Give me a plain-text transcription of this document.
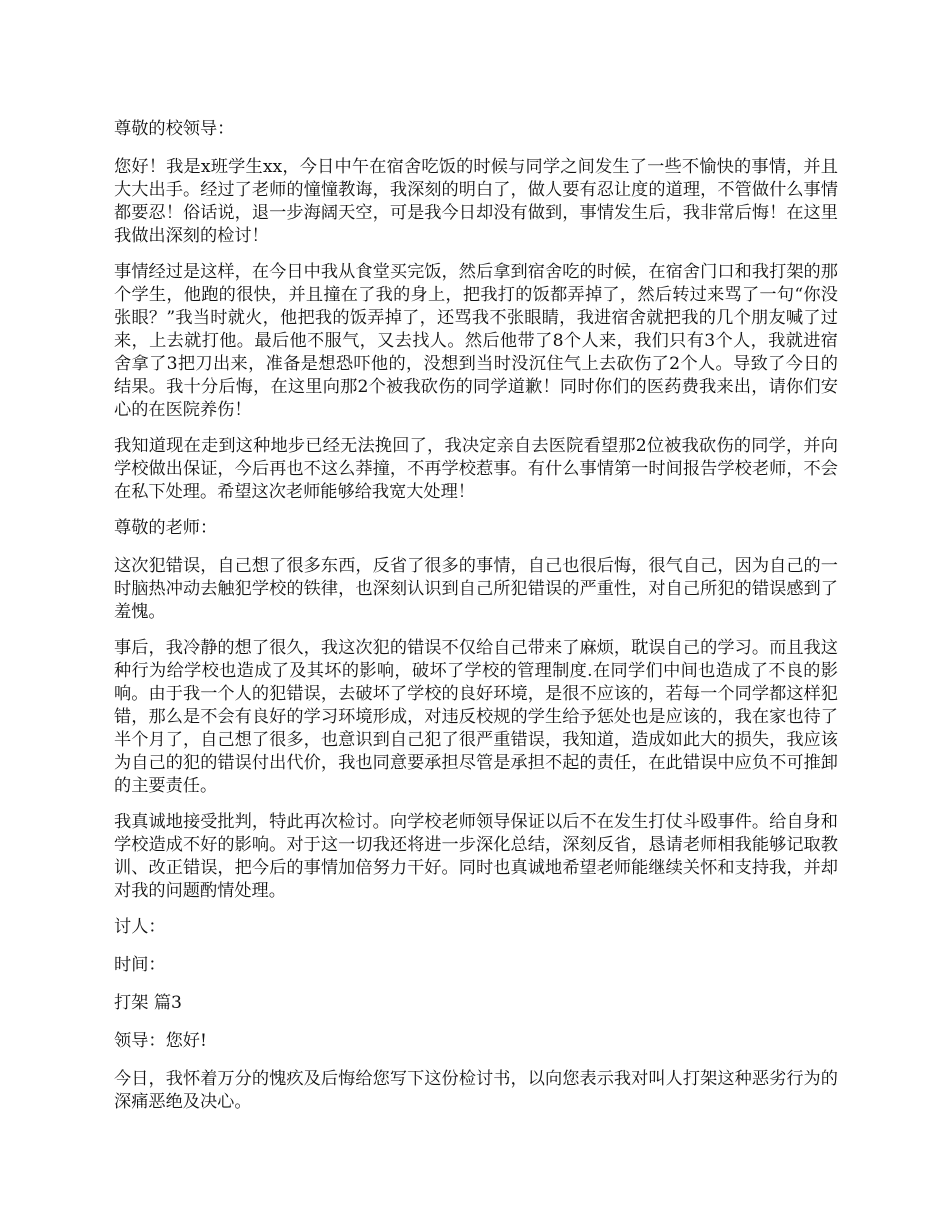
尊敬的校领导：

您好！我是x班学生xx，今日中午在宿舍吃饭的时候与同学之间发生了一些不愉快的事情，并且大大出手。经过了老师的憧憧教诲，我深刻的明白了，做人要有忍让度的道理，不管做什么事情都要忍！俗话说，退一步海阔天空，可是我今日却没有做到，事情发生后，我非常后悔！在这里我做出深刻的检讨！

事情经过是这样，在今日中我从食堂买完饭，然后拿到宿舍吃的时候，在宿舍门口和我打架的那个学生，他跑的很快，并且撞在了我的身上，把我打的饭都弄掉了，然后转过来骂了一句“你没张眼？”我当时就火，他把我的饭弄掉了，还骂我不张眼睛，我进宿舍就把我的几个朋友喊了过来，上去就打他。最后他不服气，又去找人。然后他带了8个人来，我们只有3个人，我就进宿舍拿了3把刀出来，准备是想恐吓他的，没想到当时没沉住气上去砍伤了2个人。导致了今日的结果。我十分后悔，在这里向那2个被我砍伤的同学道歉！同时你们的医药费我来出，请你们安心的在医院养伤！

我知道现在走到这种地步已经无法挽回了，我决定亲自去医院看望那2位被我砍伤的同学，并向学校做出保证，今后再也不这么莽撞，不再学校惹事。有什么事情第一时间报告学校老师，不会在私下处理。希望这次老师能够给我宽大处理！

尊敬的老师：

这次犯错误，自己想了很多东西，反省了很多的事情，自己也很后悔，很气自己，因为自己的一时脑热冲动去触犯学校的铁律，也深刻认识到自己所犯错误的严重性，对自己所犯的错误感到了羞愧。

事后，我冷静的想了很久，我这次犯的错误不仅给自己带来了麻烦，耽误自己的学习。而且我这种行为给学校也造成了及其坏的影响，破坏了学校的管理制度.在同学们中间也造成了不良的影响。由于我一个人的犯错误，去破坏了学校的良好环境，是很不应该的，若每一个同学都这样犯错，那么是不会有良好的学习环境形成，对违反校规的学生给予惩处也是应该的，我在家也待了半个月了，自己想了很多，也意识到自己犯了很严重错误，我知道，造成如此大的损失，我应该为自己的犯的错误付出代价，我也同意要承担尽管是承担不起的责任，在此错误中应负不可推卸的主要责任。

我真诚地接受批判，特此再次检讨。向学校老师领导保证以后不在发生打仗斗殴事件。给自身和学校造成不好的影响。对于这一切我还将进一步深化总结，深刻反省，恳请老师相我能够记取教训、改正错误，把今后的事情加倍努力干好。同时也真诚地希望老师能继续关怀和支持我，并却对我的问题酌情处理。

讨人：

时间：

打架 篇3

领导：您好!

今日，我怀着万分的愧疚及后悔给您写下这份检讨书，以向您表示我对叫人打架这种恶劣行为的深痛恶绝及决心。
